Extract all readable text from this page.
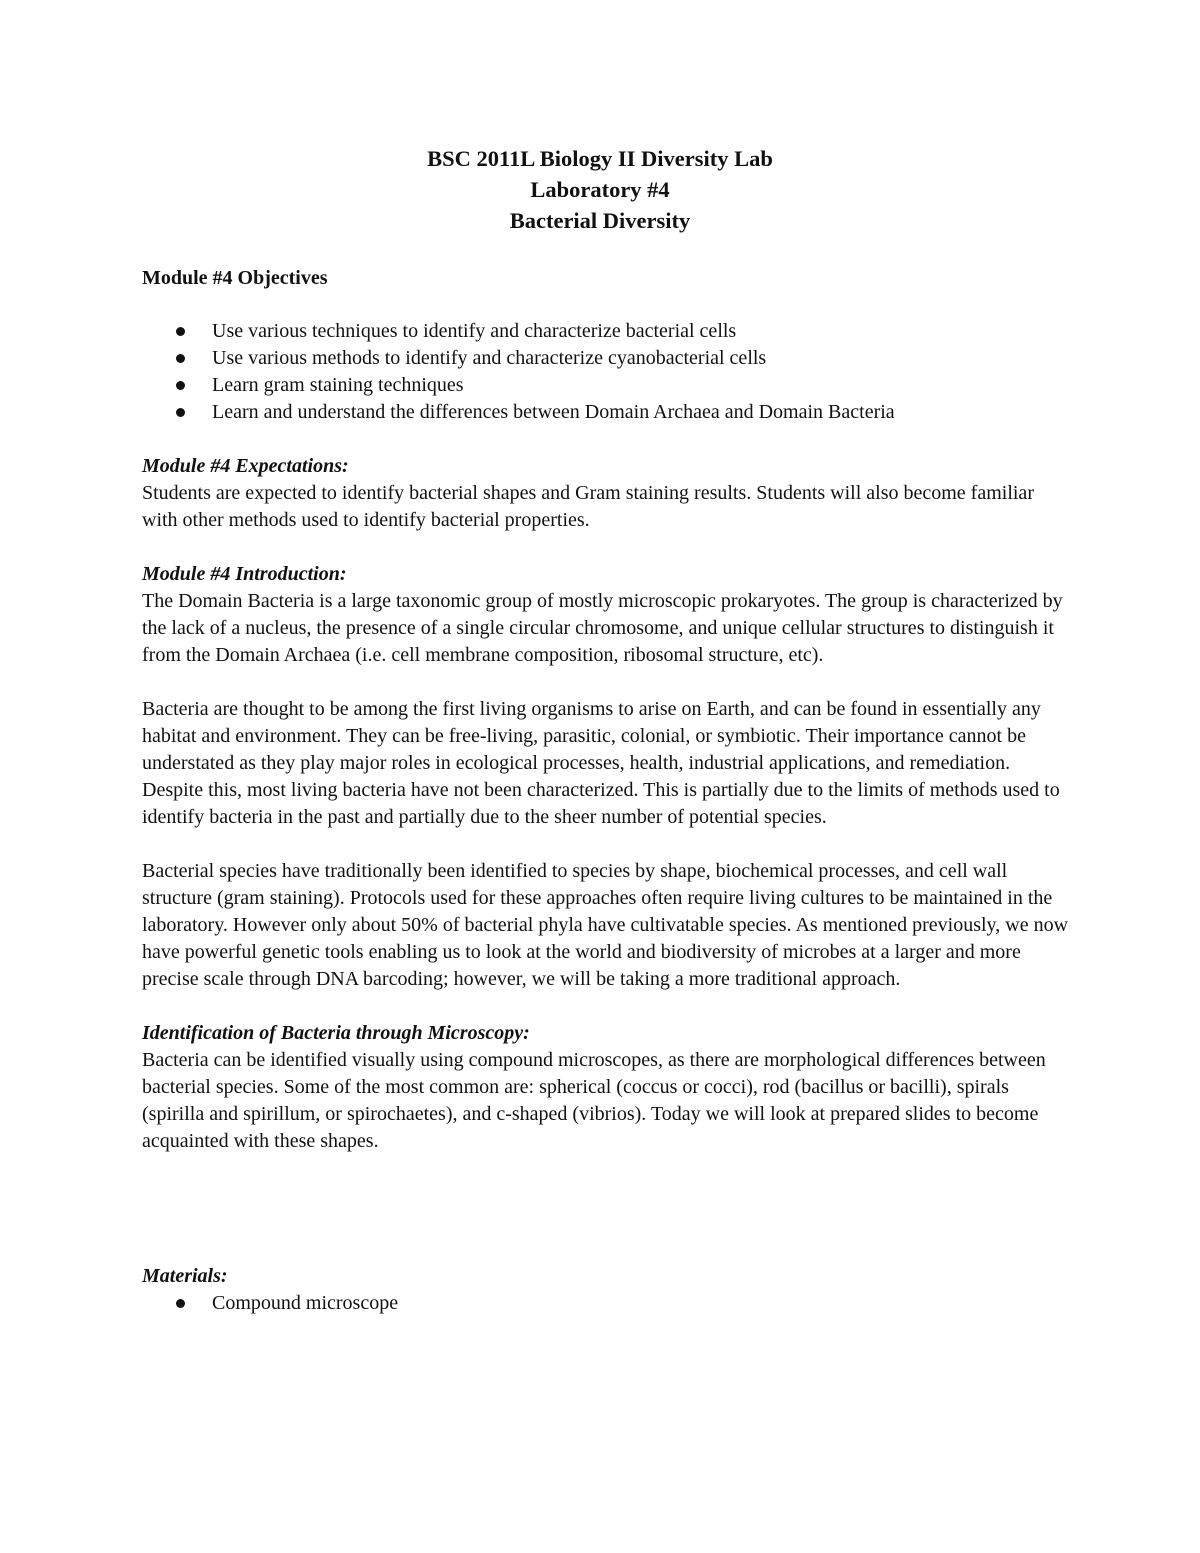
BSC 2011L Biology II Diversity Lab
Laboratory #4
Bacterial Diversity

Module #4 Objectives

Use various techniques to identify and characterize bacterial cells
Use various methods to identify and characterize cyanobacterial cells
Learn gram staining techniques
Learn and understand the differences between Domain Archaea and Domain Bacteria

Module #4 Expectations:

Students are expected to identify bacterial shapes and Gram staining results. Students will also become familiar with other methods used to identify bacterial properties.

Module #4 Introduction:

The Domain Bacteria is a large taxonomic group of mostly microscopic prokaryotes. The group is characterized by the lack of a nucleus, the presence of a single circular chromosome, and unique cellular structures to distinguish it from the Domain Archaea (i.e. cell membrane composition, ribosomal structure, etc).

Bacteria are thought to be among the first living organisms to arise on Earth, and can be found in essentially any habitat and environment. They can be free-living, parasitic, colonial, or symbiotic. Their importance cannot be understated as they play major roles in ecological processes, health, industrial applications, and remediation. Despite this, most living bacteria have not been characterized. This is partially due to the limits of methods used to identify bacteria in the past and partially due to the sheer number of potential species.

Bacterial species have traditionally been identified to species by shape, biochemical processes, and cell wall structure (gram staining). Protocols used for these approaches often require living cultures to be maintained in the laboratory. However only about 50% of bacterial phyla have cultivatable species. As mentioned previously, we now have powerful genetic tools enabling us to look at the world and biodiversity of microbes at a larger and more precise scale through DNA barcoding; however, we will be taking a more traditional approach.

Identification of Bacteria through Microscopy:

Bacteria can be identified visually using compound microscopes, as there are morphological differences between bacterial species. Some of the most common are: spherical (coccus or cocci), rod (bacillus or bacilli), spirals (spirilla and spirillum, or spirochaetes), and c-shaped (vibrios). Today we will look at prepared slides to become acquainted with these shapes.

Materials:

Compound microscope
